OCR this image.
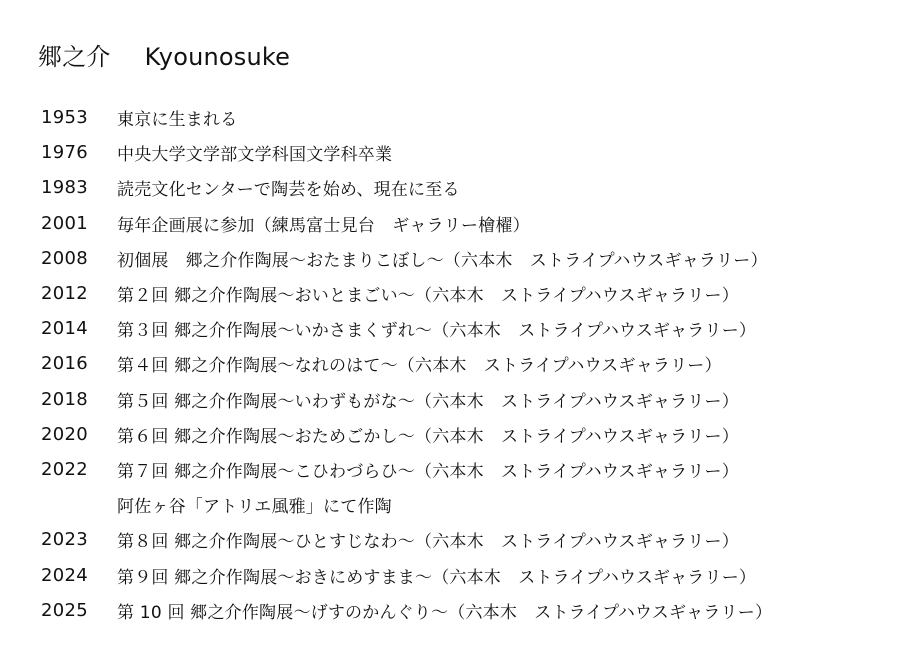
郷之介 Kyounosuke
1953	東京に生まれる
1976	中央大学文学部文学科国文学科卒業
1983	読売文化センターで陶芸を始め、現在に至る
2001	毎年企画展に参加（練馬富士見台　ギャラリー檜櫂）
2008	初個展　郷之介作陶展〜おたまりこぼし〜（六本木　ストライプハウスギャラリー）
2012	第２回 郷之介作陶展〜おいとまごい〜（六本木　ストライプハウスギャラリー）
2014	第３回 郷之介作陶展〜いかさまくずれ〜（六本木　ストライプハウスギャラリー）
2016	第４回 郷之介作陶展〜なれのはて〜（六本木　ストライプハウスギャラリー）
2018	第５回 郷之介作陶展〜いわずもがな〜（六本木　ストライプハウスギャラリー）
2020	第６回 郷之介作陶展〜おためごかし〜（六本木　ストライプハウスギャラリー）
2022	第７回 郷之介作陶展〜こひわづらひ〜（六本木　ストライプハウスギャラリー）
阿佐ヶ谷「アトリエ風雅」にて作陶
2023	第８回 郷之介作陶展〜ひとすじなわ〜（六本木　ストライプハウスギャラリー）
2024	第９回 郷之介作陶展〜おきにめすまま〜（六本木　ストライプハウスギャラリー）
2025	第 10 回 郷之介作陶展〜げすのかんぐり〜（六本木　ストライプハウスギャラリー）
